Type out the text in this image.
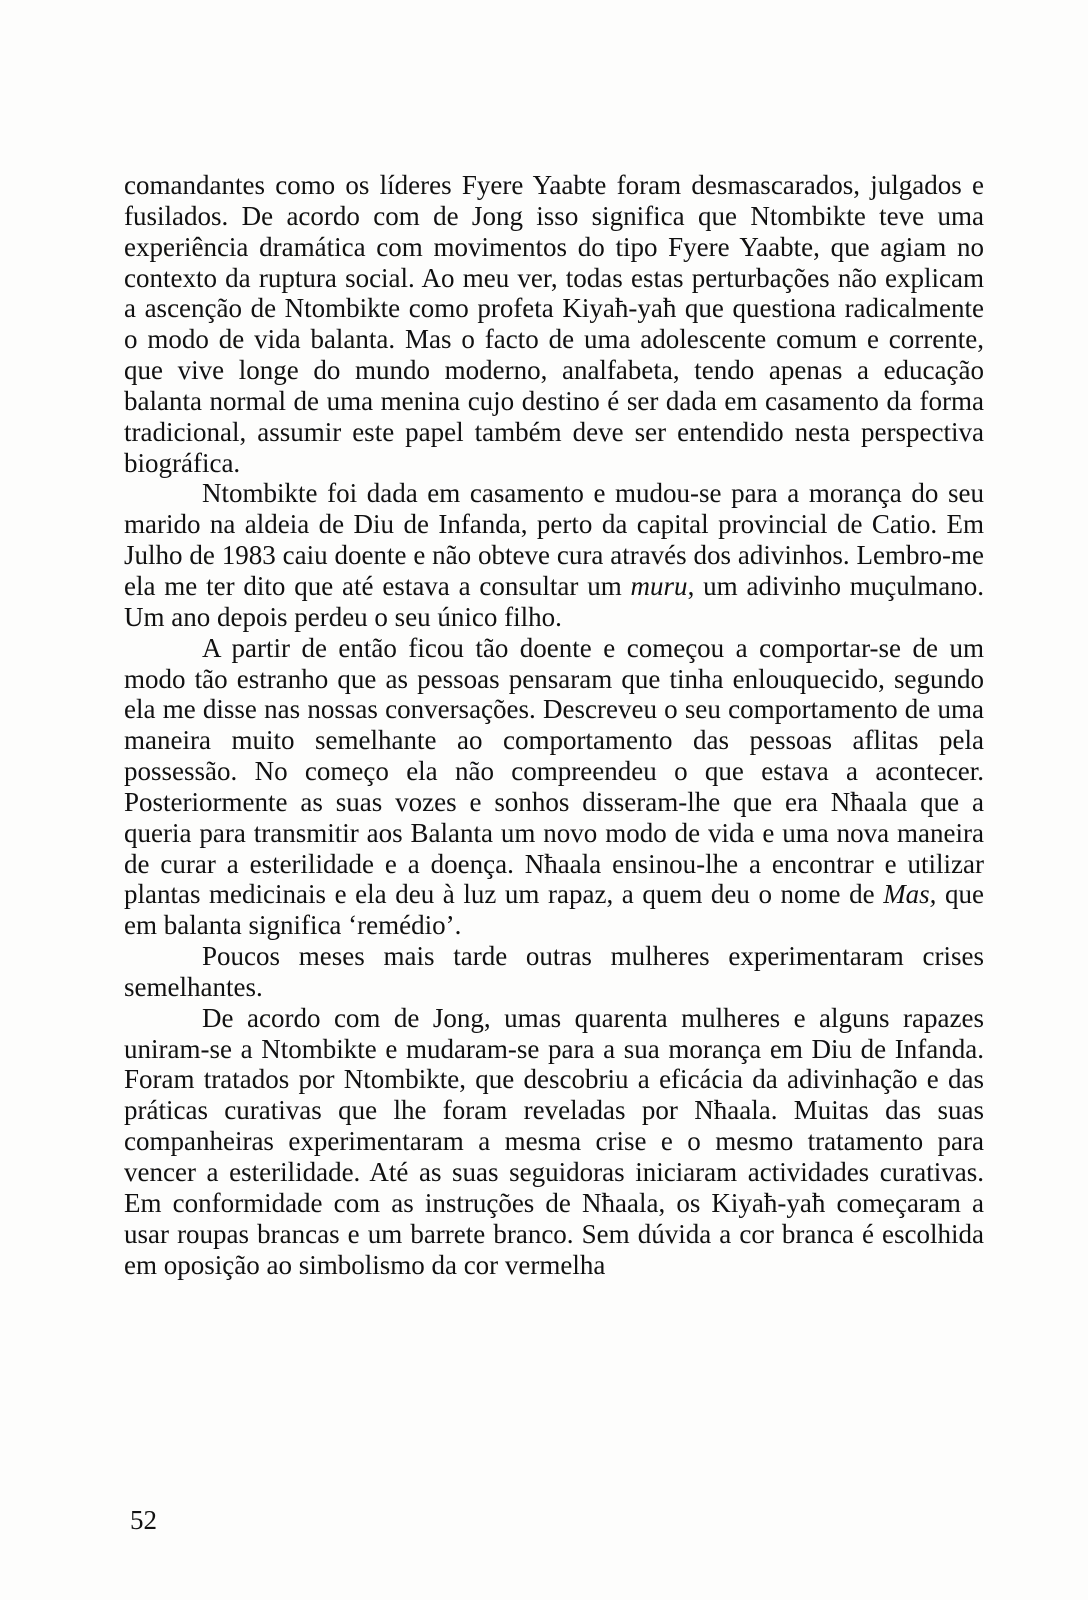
comandantes como os líderes Fyere Yaabte foram desmascarados, julgados e fusilados. De acordo com de Jong isso significa que Ntombikte teve uma experiência dramática com movimentos do tipo Fyere Yaabte, que agiam no contexto da ruptura social. Ao meu ver, todas estas perturbações não explicam a ascenção de Ntombikte como profeta Kiyaħ-yaħ que questiona radicalmente o modo de vida balanta. Mas o facto de uma adolescente comum e corrente, que vive longe do mundo moderno, analfabeta, tendo apenas a educação balanta normal de uma menina cujo destino é ser dada em casamento da forma tradicional, assumir este papel também deve ser entendido nesta perspectiva biográfica.

Ntombikte foi dada em casamento e mudou-se para a morança do seu marido na aldeia de Diu de Infanda, perto da capital provincial de Catio. Em Julho de 1983 caiu doente e não obteve cura através dos adivinhos. Lembro-me ela me ter dito que até estava a consultar um muru, um adivinho muçulmano. Um ano depois perdeu o seu único filho.

A partir de então ficou tão doente e começou a comportar-se de um modo tão estranho que as pessoas pensaram que tinha enlouquecido, segundo ela me disse nas nossas conversações. Descreveu o seu comportamento de uma maneira muito semelhante ao comportamento das pessoas aflitas pela possessão. No começo ela não compreendeu o que estava a acontecer. Posteriormente as suas vozes e sonhos disseram-lhe que era Nħaala que a queria para transmitir aos Balanta um novo modo de vida e uma nova maneira de curar a esterilidade e a doença. Nħaala ensinou-lhe a encontrar e utilizar plantas medicinais e ela deu à luz um rapaz, a quem deu o nome de Mas, que em balanta significa ‘remédio’.

Poucos meses mais tarde outras mulheres experimentaram crises semelhantes.

De acordo com de Jong, umas quarenta mulheres e alguns rapazes uniram-se a Ntombikte e mudaram-se para a sua morança em Diu de Infanda. Foram tratados por Ntombikte, que descobriu a eficácia da adivinhação e das práticas curativas que lhe foram reveladas por Nħaala. Muitas das suas companheiras experimentaram a mesma crise e o mesmo tratamento para vencer a esterilidade. Até as suas seguidoras iniciaram actividades curativas. Em conformidade com as instruções de Nħaala, os Kiyaħ-yaħ começaram a usar roupas brancas e um barrete branco. Sem dúvida a cor branca é escolhida em oposição ao simbolismo da cor vermelha

52
